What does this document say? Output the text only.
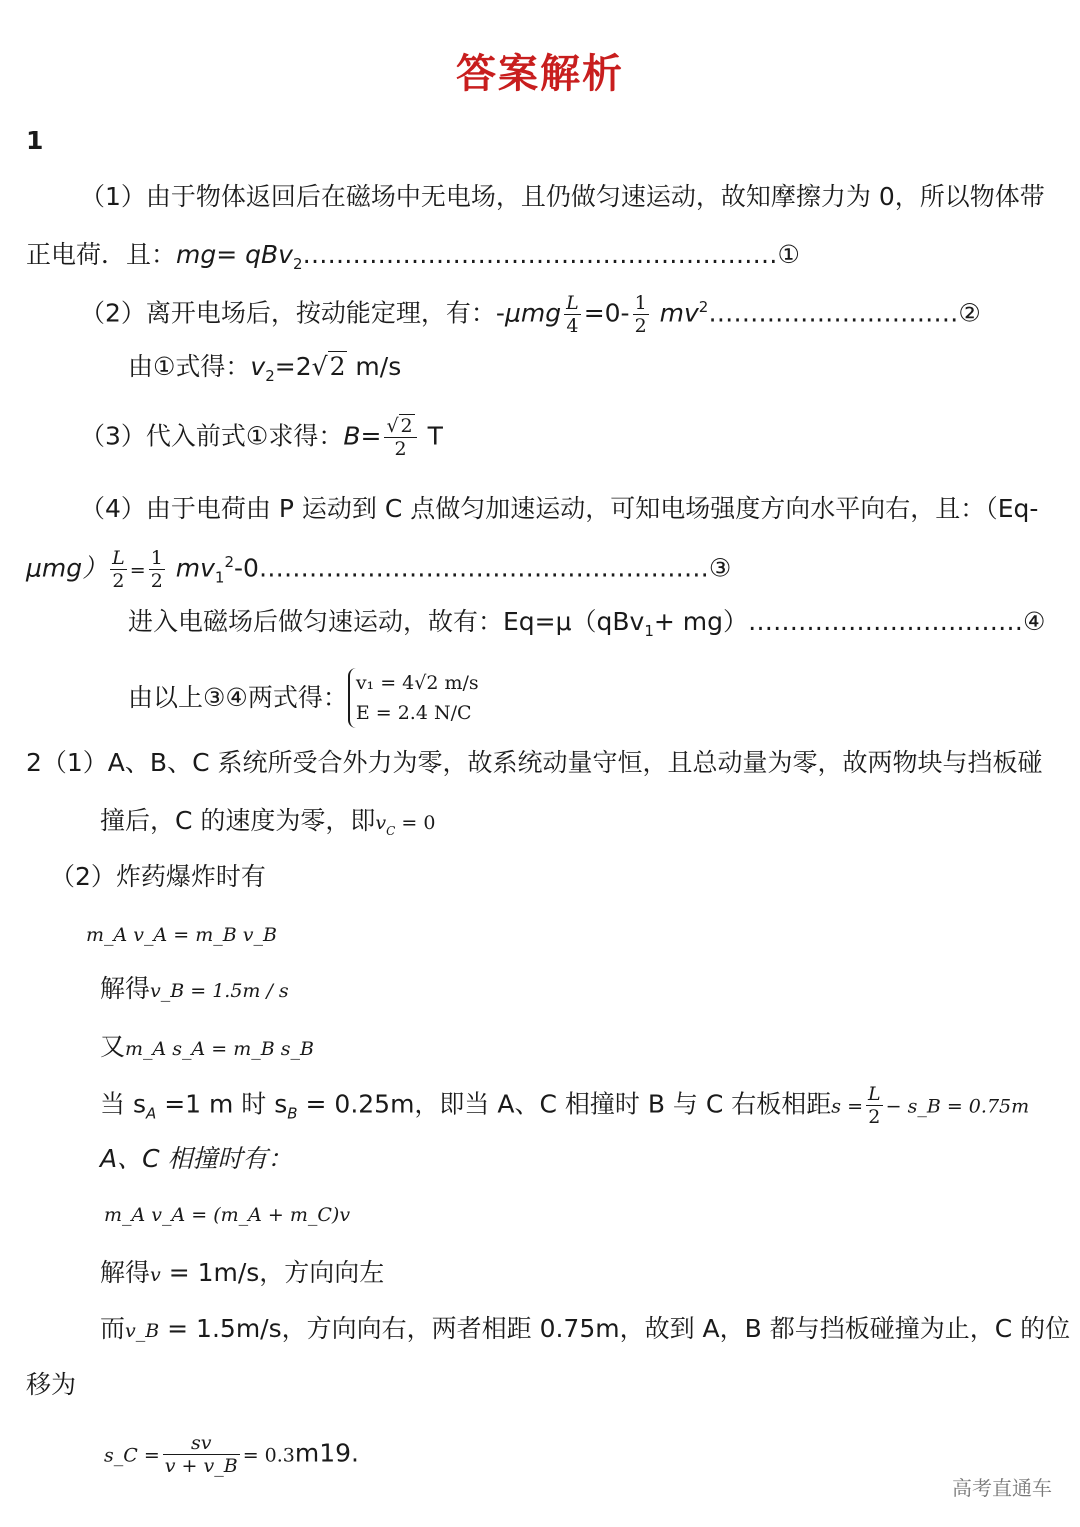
答案解析
1
（1）由于物体返回后在磁场中无电场，且仍做匀速运动，故知摩擦力为 0，所以物体带
正电荷．且：mg= qBv$_2$…………………………………………………①
（2）离开电场后，按动能定理，有：$-\mu mg \frac{L}{4} =0- \frac{1}{2}$ $mv^2\dots\dots\dots\dots\dots\dots\dots\dots\dots\dots ②$
由①式得：$v_2=2√2$ m/s
（3）代入前式①求得：$B= \frac{√ 2}{2}$ T
（4）由于电荷由 P 运动到 C 点做匀加速运动，可知电场强度方向水平向右，且：（Eq-
$\mu mg) \frac{L}{2} = \frac{1}{2}$ $mv_1^2-0\dots\dots\dots\dots\dots\dots\dots\dots\dots\dots\dots\dots\dots\dots\dots\dots\dots\dots ③$
进入电磁场后做匀速运动，故有：Eq=μ（qBv$_1$+ mg）……………………………④
由以上③④两式得： v₁ = 4√2 m/s
E = 2.4 N/C
2（1）A、B、C 系统所受合外力为零，故系统动量守恒，且总动量为零，故两物块与挡板碰
撞后，C 的速度为零，即$v_C = 0$
（2）炸药爆炸时有
m_A v_A = m_B v_B
解得v_B = 1.5m / s
又m_A s_A = m_B s_B
当 $s_A =1$ m 时 $s_B = 0.25m$，即当 A、C 相撞时 B 与 C 右板相距$s = \frac{L}{2}$ − s_B = 0.75m
A、C 相撞时有：
m_A v_A = (m_A + m_C)v
解得v = 1m/s，方向向左
而v_B = 1.5m/s，方向向右，两者相距 0.75m，故到 A，B 都与挡板碰撞为止，C 的位
移为
s_C = $\frac{sv}{v + v\_B} = 0.3m19$.
高考直通车
